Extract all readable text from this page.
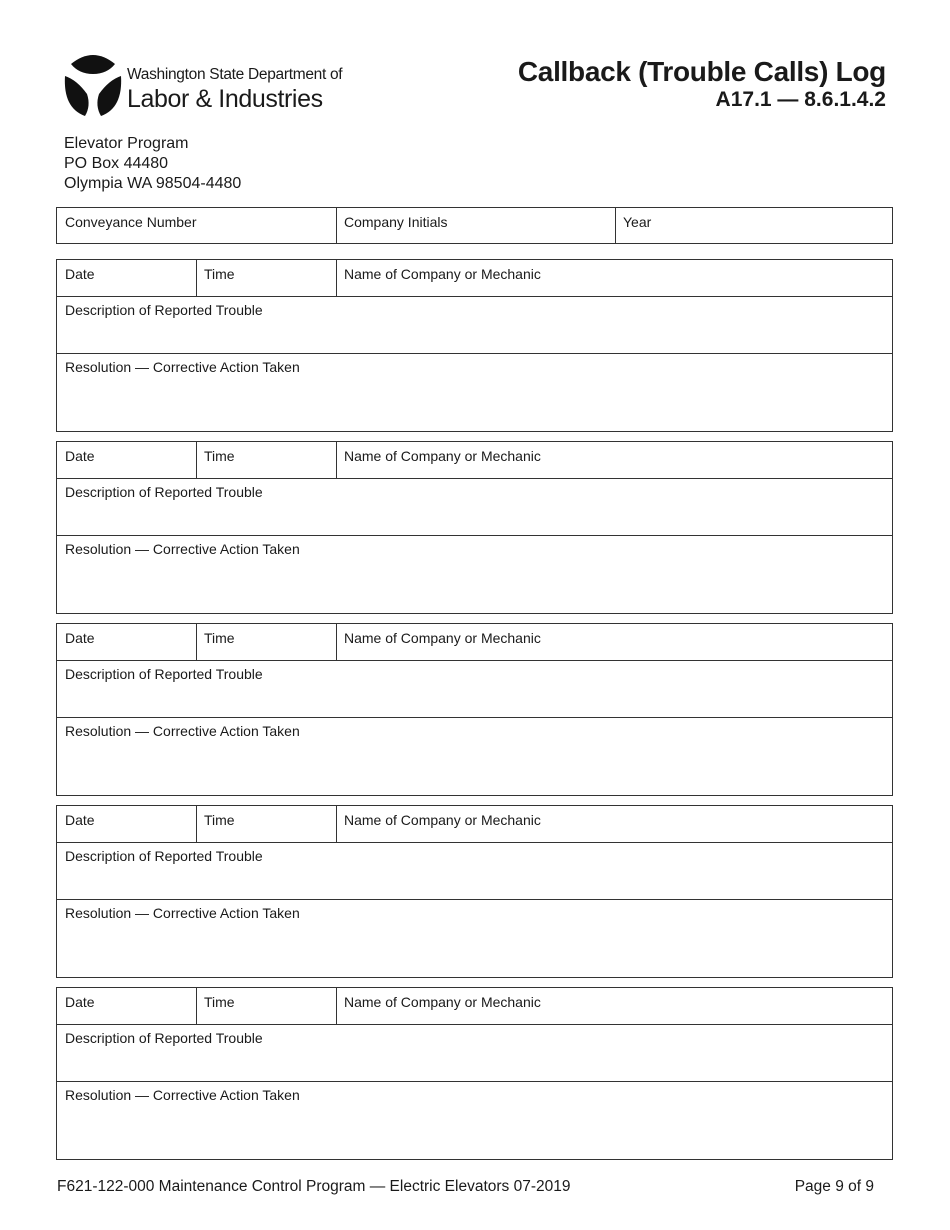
Washington State Department of
Labor & Industries
Callback (Trouble Calls) Log
A17.1 — 8.6.1.4.2
Elevator Program
PO Box 44480
Olympia WA 98504-4480
Conveyance Number	Company Initials	Year
Date	Time	Name of Company or Mechanic
Description of Reported Trouble
Resolution — Corrective Action Taken
Date	Time	Name of Company or Mechanic
Description of Reported Trouble
Resolution — Corrective Action Taken
Date	Time	Name of Company or Mechanic
Description of Reported Trouble
Resolution — Corrective Action Taken
Date	Time	Name of Company or Mechanic
Description of Reported Trouble
Resolution — Corrective Action Taken
Date	Time	Name of Company or Mechanic
Description of Reported Trouble
Resolution — Corrective Action Taken
F621-122-000 Maintenance Control Program — Electric Elevators 07-2019	Page 9 of 9
